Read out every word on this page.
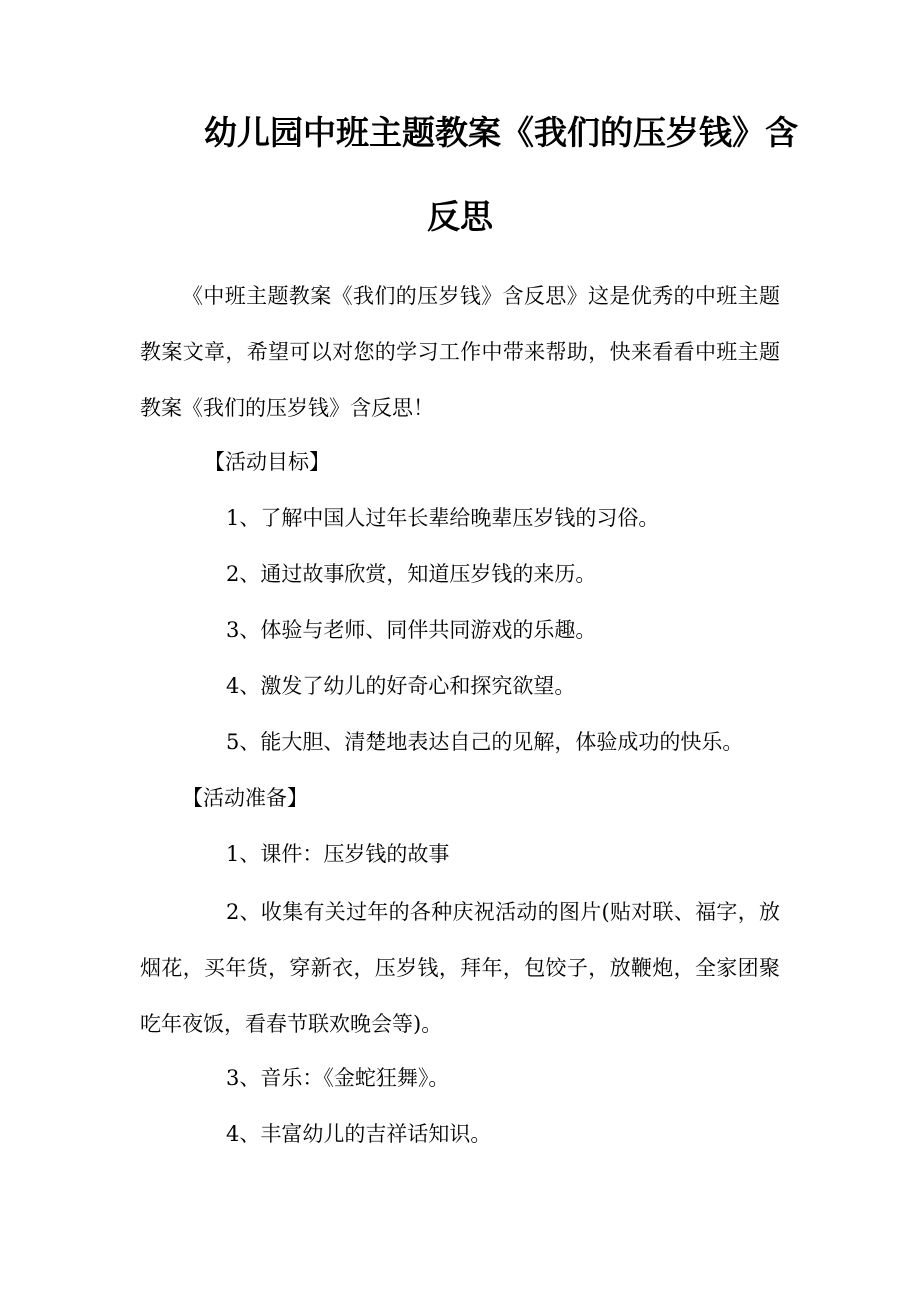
幼儿园中班主题教案《我们的压岁钱》含
反思
《中班主题教案《我们的压岁钱》含反思》这是优秀的中班主题教案文章，希望可以对您的学习工作中带来帮助，快来看看中班主题教案《我们的压岁钱》含反思！
【活动目标】
1、了解中国人过年长辈给晚辈压岁钱的习俗。
2、通过故事欣赏，知道压岁钱的来历。
3、体验与老师、同伴共同游戏的乐趣。
4、激发了幼儿的好奇心和探究欲望。
5、能大胆、清楚地表达自己的见解，体验成功的快乐。
【活动准备】
1、课件：压岁钱的故事
2、收集有关过年的各种庆祝活动的图片(贴对联、福字，放烟花，买年货，穿新衣，压岁钱，拜年，包饺子，放鞭炮，全家团聚吃年夜饭，看春节联欢晚会等)。
3、音乐：《金蛇狂舞》。
4、丰富幼儿的吉祥话知识。
